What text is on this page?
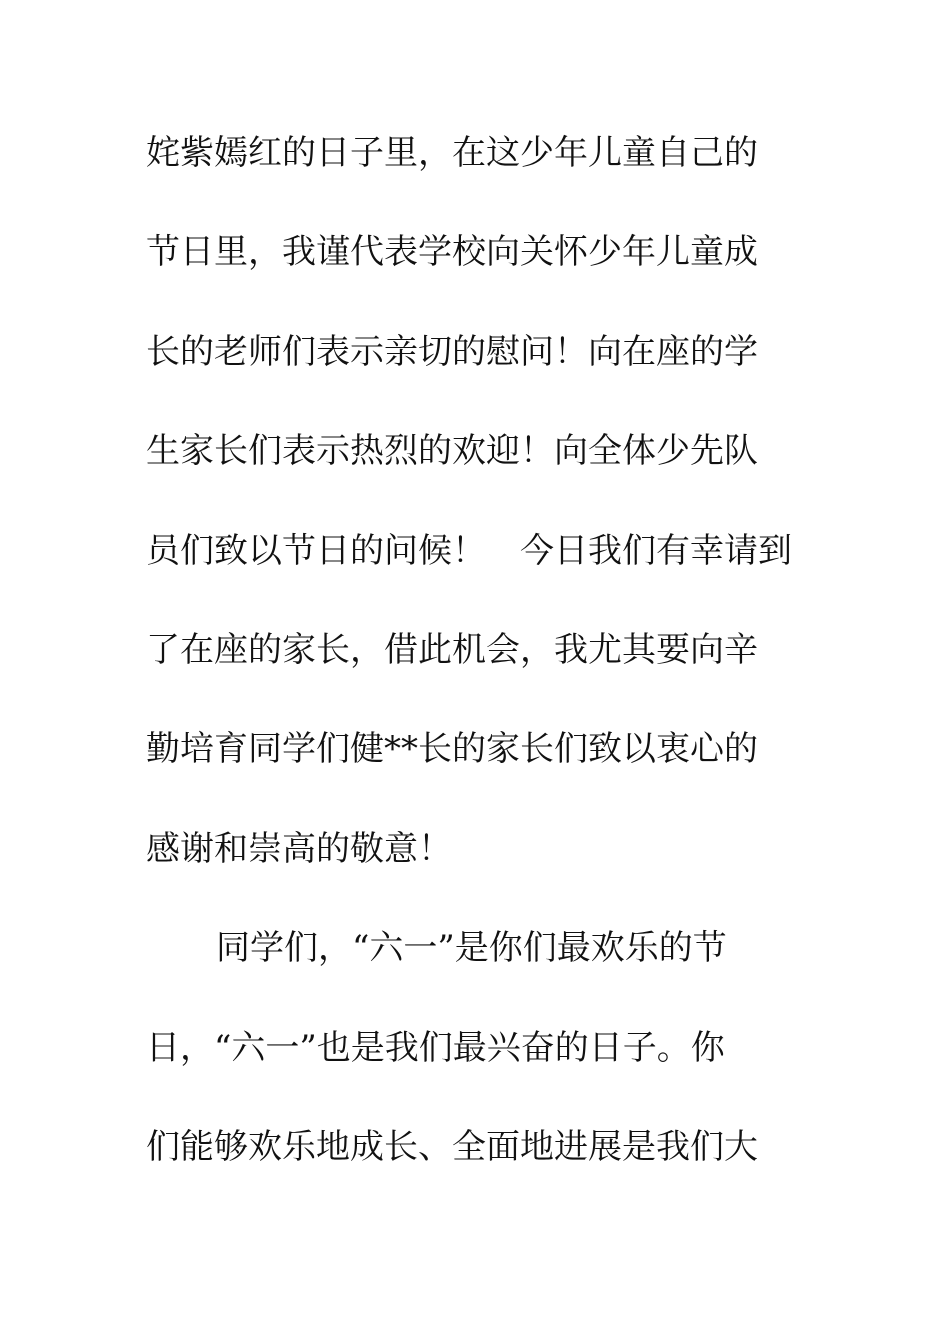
姹紫嫣红的日子里，在这少年儿童自己的
节日里，我谨代表学校向关怀少年儿童成
长的老师们表示亲切的慰问！向在座的学
生家长们表示热烈的欢迎！向全体少先队
员们致以节日的问候！　今日我们有幸请到
了在座的家长，借此机会，我尤其要向辛
勤培育同学们健**长的家长们致以衷心的
感谢和崇高的敬意！
同学们，“六一”是你们最欢乐的节
日，“六一”也是我们最兴奋的日子。你
们能够欢乐地成长、全面地进展是我们大
